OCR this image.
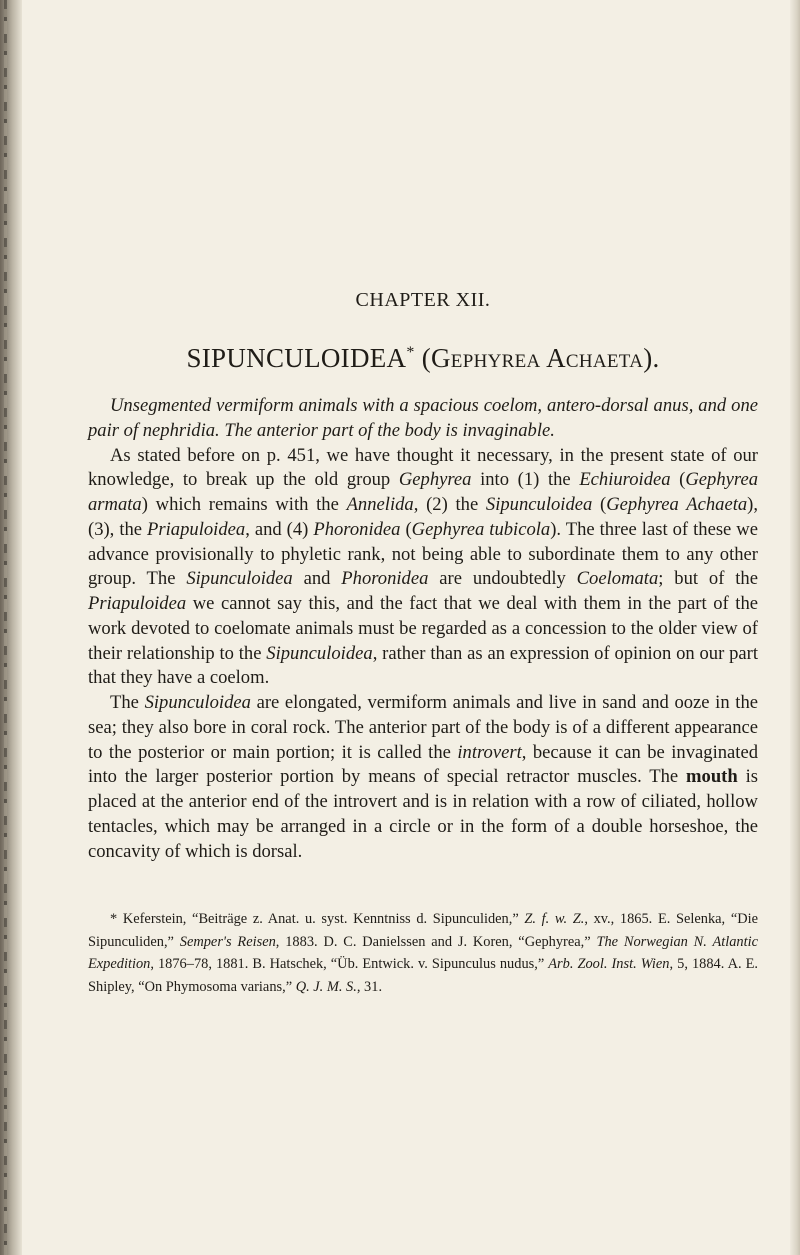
CHAPTER XII.
SIPUNCULOIDEA* (Gephyrea Achaeta).

Unsegmented vermiform animals with a spacious coelom, antero-dorsal anus, and one pair of nephridia. The anterior part of the body is invaginable.

As stated before on p. 451, we have thought it necessary, in the present state of our knowledge, to break up the old group Gephyrea into (1) the Echiuroidea (Gephyrea armata) which remains with the Annelida, (2) the Sipunculoidea (Gephyrea Achaeta), (3), the Priapuloidea, and (4) Phoronidea (Gephyrea tubicola). The three last of these we advance provisionally to phyletic rank, not being able to subordinate them to any other group. The Sipunculoidea and Phoronidea are undoubtedly Coelomata; but of the Priapuloidea we cannot say this, and the fact that we deal with them in the part of the work devoted to coelomate animals must be regarded as a concession to the older view of their relationship to the Sipunculoidea, rather than as an expression of opinion on our part that they have a coelom.

The Sipunculoidea are elongated, vermiform animals and live in sand and ooze in the sea; they also bore in coral rock. The anterior part of the body is of a different appearance to the posterior or main portion; it is called the introvert, because it can be invaginated into the larger posterior portion by means of special retractor muscles. The mouth is placed at the anterior end of the introvert and is in relation with a row of ciliated, hollow tentacles, which may be arranged in a circle or in the form of a double horseshoe, the concavity of which is dorsal.

* Keferstein, “Beiträge z. Anat. u. syst. Kenntniss d. Sipunculiden,” Z. f. w. Z., xv., 1865. E. Selenka, “Die Sipunculiden,” Semper's Reisen, 1883. D. C. Danielssen and J. Koren, “Gephyrea,” The Norwegian N. Atlantic Expedition, 1876–78, 1881. B. Hatschek, “Üb. Entwick. v. Sipunculus nudus,” Arb. Zool. Inst. Wien, 5, 1884. A. E. Shipley, “On Phymosoma varians,” Q. J. M. S., 31.
